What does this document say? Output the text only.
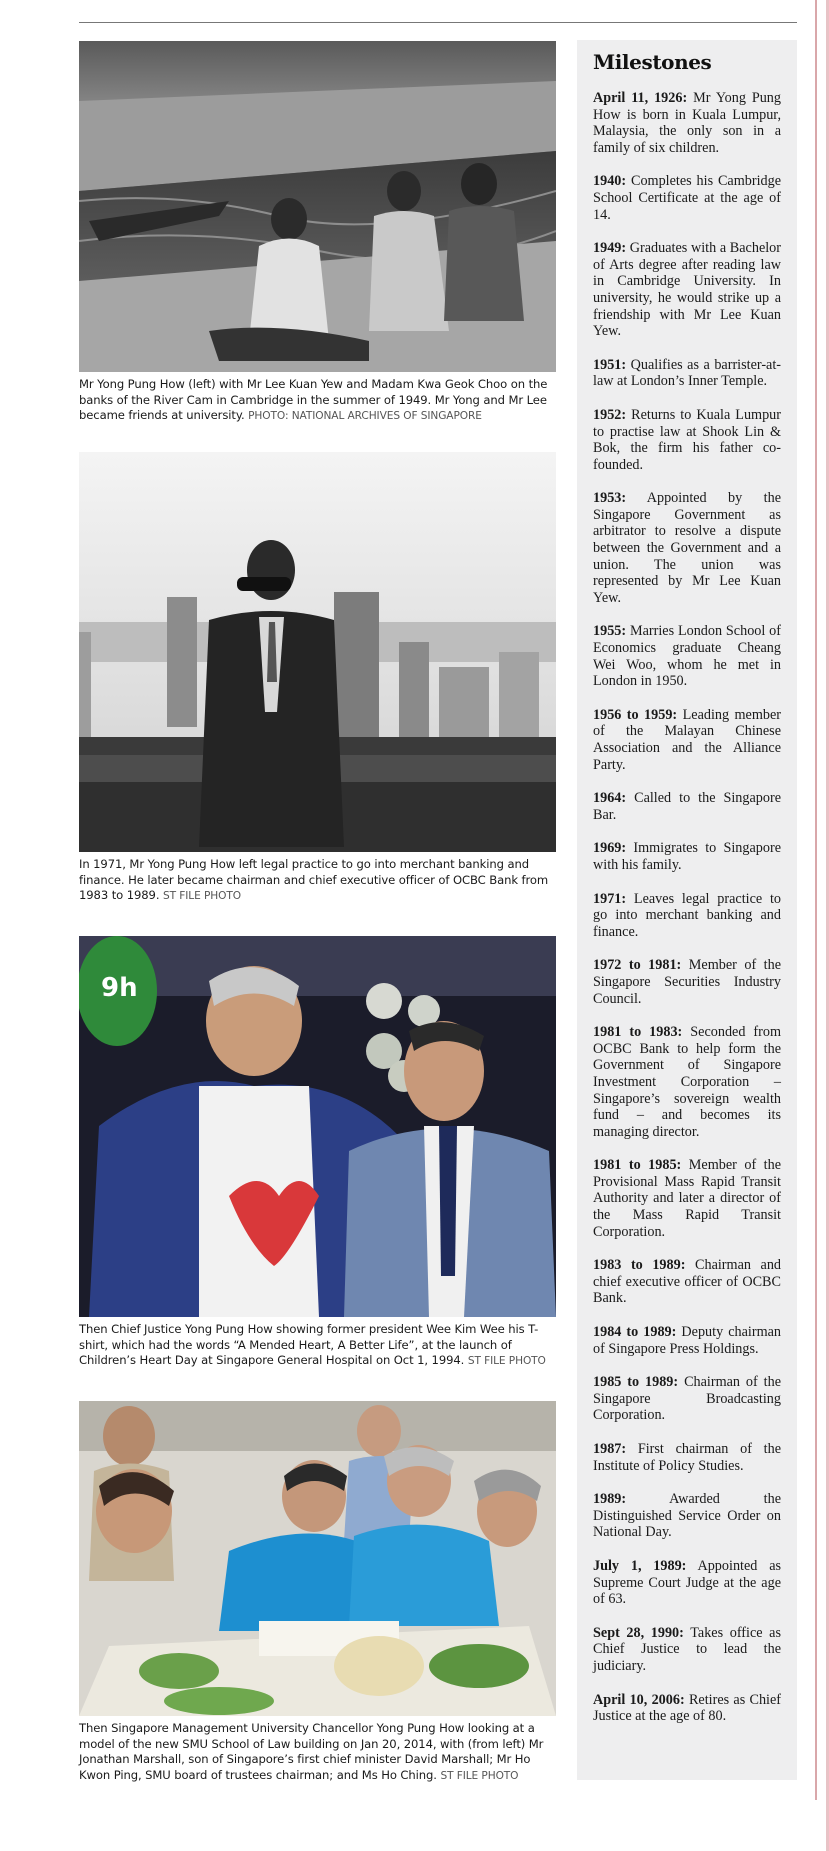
Mr Yong Pung How (left) with Mr Lee Kuan Yew and Madam Kwa Geok Choo on the banks of the River Cam in Cambridge in the summer of 1949. Mr Yong and Mr Lee became friends at university. PHOTO: NATIONAL ARCHIVES OF SINGAPORE
In 1971, Mr Yong Pung How left legal practice to go into merchant banking and finance. He later became chairman and chief executive officer of OCBC Bank from 1983 to 1989. ST FILE PHOTO
9h
Then Chief Justice Yong Pung How showing former president Wee Kim Wee his T-shirt, which had the words “A Mended Heart, A Better Life”, at the launch of Children’s Heart Day at Singapore General Hospital on Oct 1, 1994. ST FILE PHOTO
Then Singapore Management University Chancellor Yong Pung How looking at a model of the new SMU School of Law building on Jan 20, 2014, with (from left) Mr Jonathan Marshall, son of Singapore’s first chief minister David Marshall; Mr Ho Kwon Ping, SMU board of trustees chairman; and Ms Ho Ching. ST FILE PHOTO
Milestones

April 11, 1926: Mr Yong Pung How is born in Kuala Lumpur, Malaysia, the only son in a family of six children.

1940: Completes his Cambridge School Certificate at the age of 14.

1949: Graduates with a Bachelor of Arts degree after reading law in Cambridge University. In university, he would strike up a friendship with Mr Lee Kuan Yew.

1951: Qualifies as a barrister-at-law at London’s Inner Temple.

1952: Returns to Kuala Lumpur to practise law at Shook Lin & Bok, the firm his father co-founded.

1953: Appointed by the Singapore Government as arbitrator to resolve a dispute between the Government and a union. The union was represented by Mr Lee Kuan Yew.

1955: Marries London School of Economics graduate Cheang Wei Woo, whom he met in London in 1950.

1956 to 1959: Leading member of the Malayan Chinese Association and the Alliance Party.

1964: Called to the Singapore Bar.

1969: Immigrates to Singapore with his family.

1971: Leaves legal practice to go into merchant banking and finance.

1972 to 1981: Member of the Singapore Securities Industry Council.

1981 to 1983: Seconded from OCBC Bank to help form the Government of Singapore Investment Corporation – Singapore’s sovereign wealth fund – and becomes its managing director.

1981 to 1985: Member of the Provisional Mass Rapid Transit Authority and later a director of the Mass Rapid Transit Corporation.

1983 to 1989: Chairman and chief executive officer of OCBC Bank.

1984 to 1989: Deputy chairman of Singapore Press Holdings.

1985 to 1989: Chairman of the Singapore Broadcasting Corporation.

1987: First chairman of the Institute of Policy Studies.

1989:	Awarded the Distinguished Service Order on National Day.

July 1, 1989: Appointed as Supreme Court Judge at the age of 63.

Sept 28, 1990: Takes office as Chief Justice to lead the judiciary.

April 10, 2006: Retires as Chief Justice at the age of 80.
